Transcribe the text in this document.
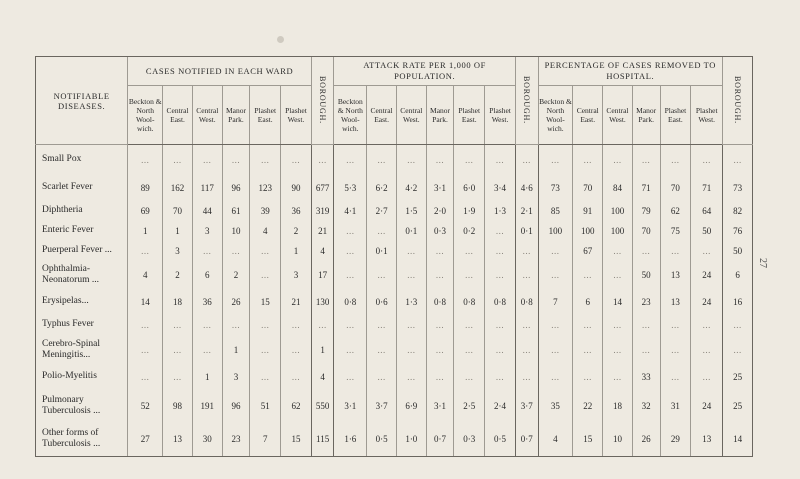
27
NOTIFIABLE DISEASES.	CASES NOTIFIED IN EACH WARD						BOROUGH.	ATTACK RATE PER 1,000 OF POPULATION.						BOROUGH.	PERCENTAGE OF CASES REMOVED TO HOSPITAL.						BOROUGH.
	Beckton & North Wool-wich.	Central East.	Central West.	Manor Park.	Plashet East.	Plashet West.		Beckton & North Wool-wich.	Central East.	Central West.	Manor Park.	Plashet East.	Plashet West.		Beckton & North Wool-wich.	Central East.	Central West.	Manor Park.	Plashet East.	Plashet West.	
Small Pox	...	...	...	...	...	...	...	...	...	...	...	...	...	...	...	...	...	...	...	...	...
Scarlet Fever	89	162	117	96	123	90	677	5·3	6·2	4·2	3·1	6·0	3·4	4·6	73	70	84	71	70	71	73
Diphtheria	69	70	44	61	39	36	319	4·1	2·7	1·5	2·0	1·9	1·3	2·1	85	91	100	79	62	64	82
Enteric Fever	1	1	3	10	4	2	21	...	...	0·1	0·3	0·2	...	0·1	100	100	100	70	75	50	76
Puerperal Fever ...	...	3	...	...	...	1	4	...	0·1	...	...	...	...	...	...	67	...	...	...	...	50
Ophthalmia-
Neonatorum ...	4	2	6	2	...	3	17	...	...	...	...	...	...	...	...	...	...	50	13	24	6
Erysipelas...	14	18	36	26	15	21	130	0·8	0·6	1·3	0·8	0·8	0·8	0·8	7	6	14	23	13	24	16
Typhus Fever	...	...	...	...	...	...	...	...	...	...	...	...	...	...	...	...	...	...	...	...	...
Cerebro-Spinal
Meningitis...	...	...	...	1	...	...	1	...	...	...	...	...	...	...	...	...	...	...	...	...	...
Polio-Myelitis	...	...	1	3	...	...	4	...	...	...	...	...	...	...	...	...	...	33	...	...	25
Pulmonary
Tuberculosis ...	52	98	191	96	51	62	550	3·1	3·7	6·9	3·1	2·5	2·4	3·7	35	22	18	32	31	24	25
Other forms of
Tuberculosis ...	27	13	30	23	7	15	115	1·6	0·5	1·0	0·7	0·3	0·5	0·7	4	15	10	26	29	13	14
